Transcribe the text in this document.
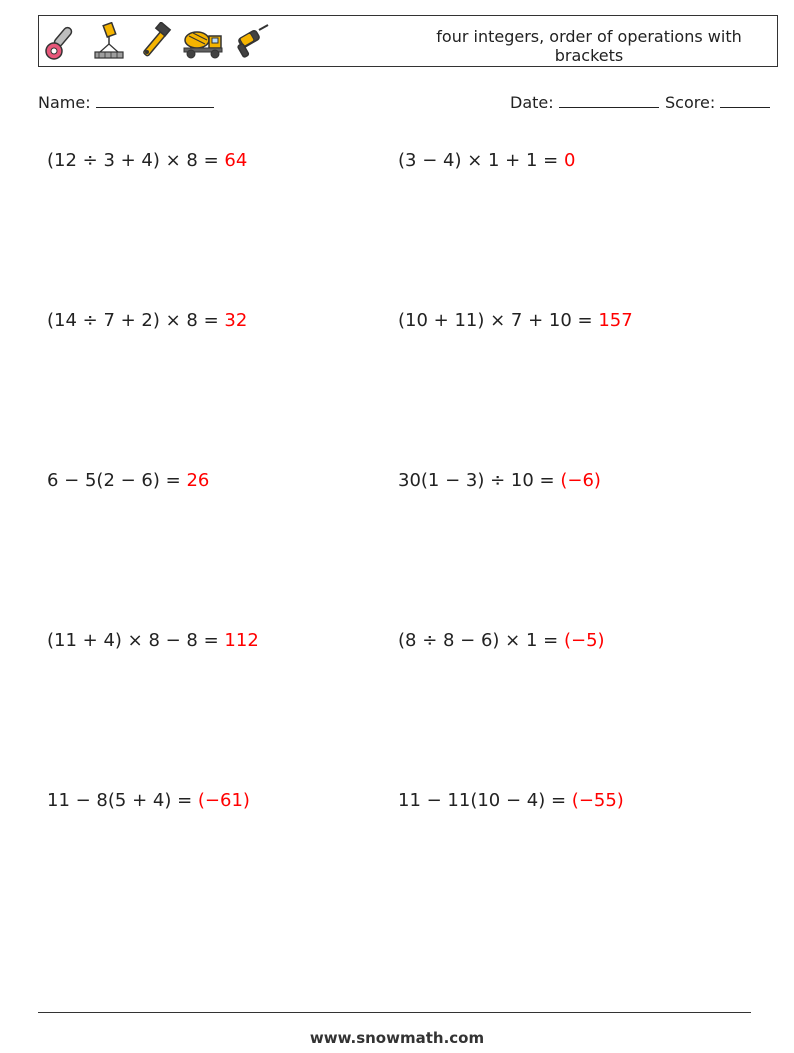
four integers, order of operations with brackets
Name:	Date:	Score:
(12 ÷ 3 + 4) × 8 = 64	(3 − 4) × 1 + 1 = 0
(14 ÷ 7 + 2) × 8 = 32	(10 + 11) × 7 + 10 = 157
6 − 5(2 − 6) = 26	30(1 − 3) ÷ 10 = (−6)
(11 + 4) × 8 − 8 = 112	(8 ÷ 8 − 6) × 1 = (−5)
11 − 8(5 + 4) = (−61)	11 − 11(10 − 4) = (−55)
www.snowmath.com
